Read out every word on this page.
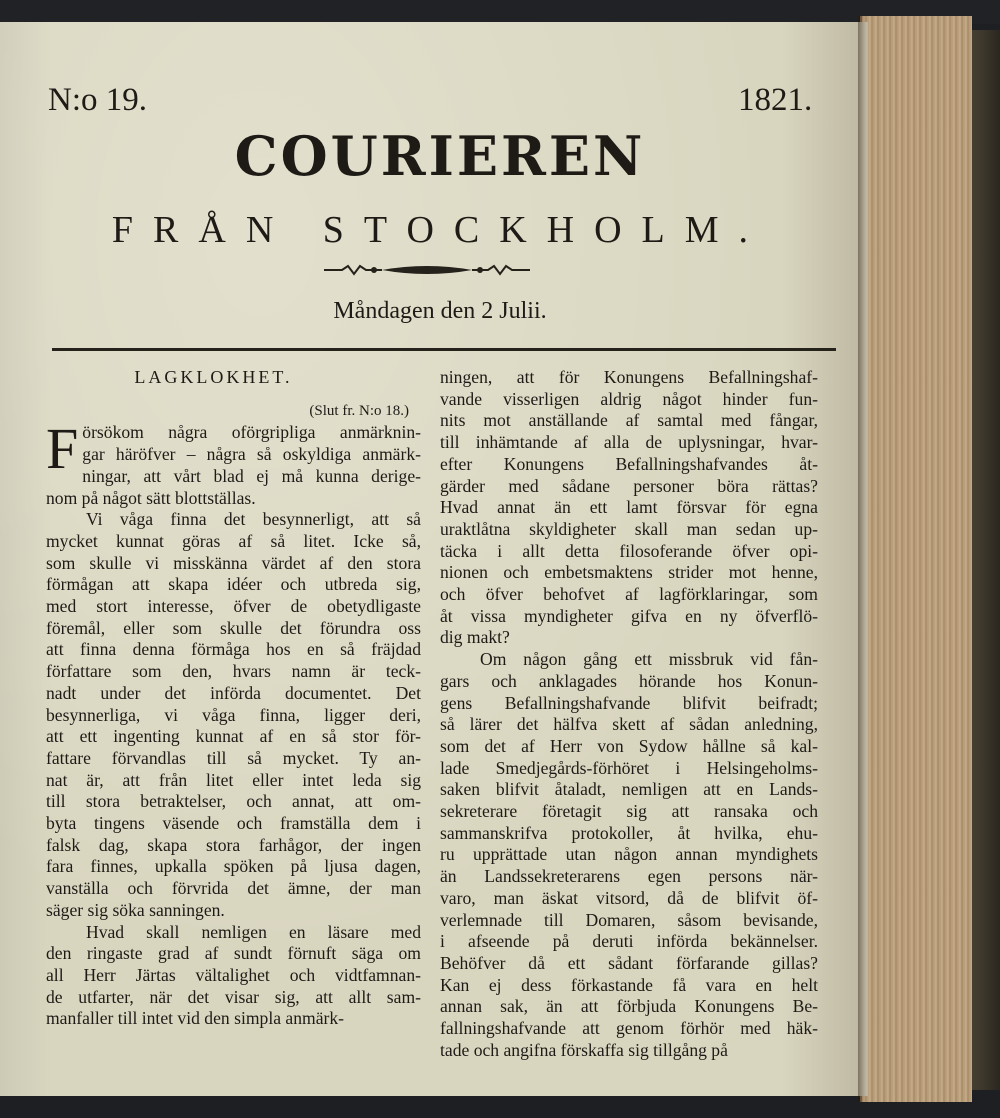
N:o 19.	1821.
COURIEREN
FRÅN STOCKHOLM.
Måndagen den 2 Julii.
LAGKLOKHET.
(Slut fr. N:o 18.)
F örsökom några oförgripliga anmärknin-
gar häröfver – några så oskyldiga anmärk-
ningar, att vårt blad ej må kunna derige-
nom på något sätt blottställas.
Vi våga finna det besynnerligt, att så
mycket kunnat göras af så litet. Icke så,
som skulle vi misskänna värdet af den stora
förmågan att skapa idéer och utbreda sig,
med stort interesse, öfver de obetydligaste
föremål, eller som skulle det förundra oss
att finna denna förmåga hos en så fräjdad
författare som den, hvars namn är teck-
nadt under det införda documentet. Det
besynnerliga, vi våga finna, ligger deri,
att ett ingenting kunnat af en så stor för-
fattare förvandlas till så mycket. Ty an-
nat är, att från litet eller intet leda sig
till stora betraktelser, och annat, att om-
byta tingens väsende och framställa dem i
falsk dag, skapa stora farhågor, der ingen
fara finnes, upkalla spöken på ljusa dagen,
vanställa och förvrida det ämne, der man
säger sig söka sanningen.
Hvad skall nemligen en läsare med
den ringaste grad af sundt förnuft säga om
all Herr Järtas vältalighet och vidtfamnan-
de utfarter, när det visar sig, att allt sam-
manfaller till intet vid den simpla anmärk-
ningen, att för Konungens Befallningshaf-
vande visserligen aldrig något hinder fun-
nits mot anställande af samtal med fångar,
till inhämtande af alla de uplysningar, hvar-
efter Konungens Befallningshafvandes åt-
gärder med sådane personer böra rättas?
Hvad annat än ett lamt försvar för egna
uraktlåtna skyldigheter skall man sedan up-
täcka i allt detta filosoferande öfver opi-
nionen och embetsmaktens strider mot henne,
och öfver behofvet af lagförklaringar, som
åt vissa myndigheter gifva en ny öfverflö-
dig makt?
Om någon gång ett missbruk vid fån-
gars och anklagades hörande hos Konun-
gens Befallningshafvande blifvit beifradt;
så lärer det hälfva skett af sådan anledning,
som det af Herr von Sydow hållne så kal-
lade Smedjegårds-förhöret i Helsingeholms-
saken blifvit åtaladt, nemligen att en Lands-
sekreterare företagit sig att ransaka och
sammanskrifva protokoller, åt hvilka, ehu-
ru upprättade utan någon annan myndighets
än Landssekreterarens egen persons när-
varo, man äskat vitsord, då de blifvit öf-
verlemnade till Domaren, såsom bevisande,
i afseende på deruti införda bekännelser.
Behöfver då ett sådant förfarande gillas?
Kan ej dess förkastande få vara en helt
annan sak, än att förbjuda Konungens Be-
fallningshafvande att genom förhör med häk-
tade och angifna förskaffa sig tillgång på
